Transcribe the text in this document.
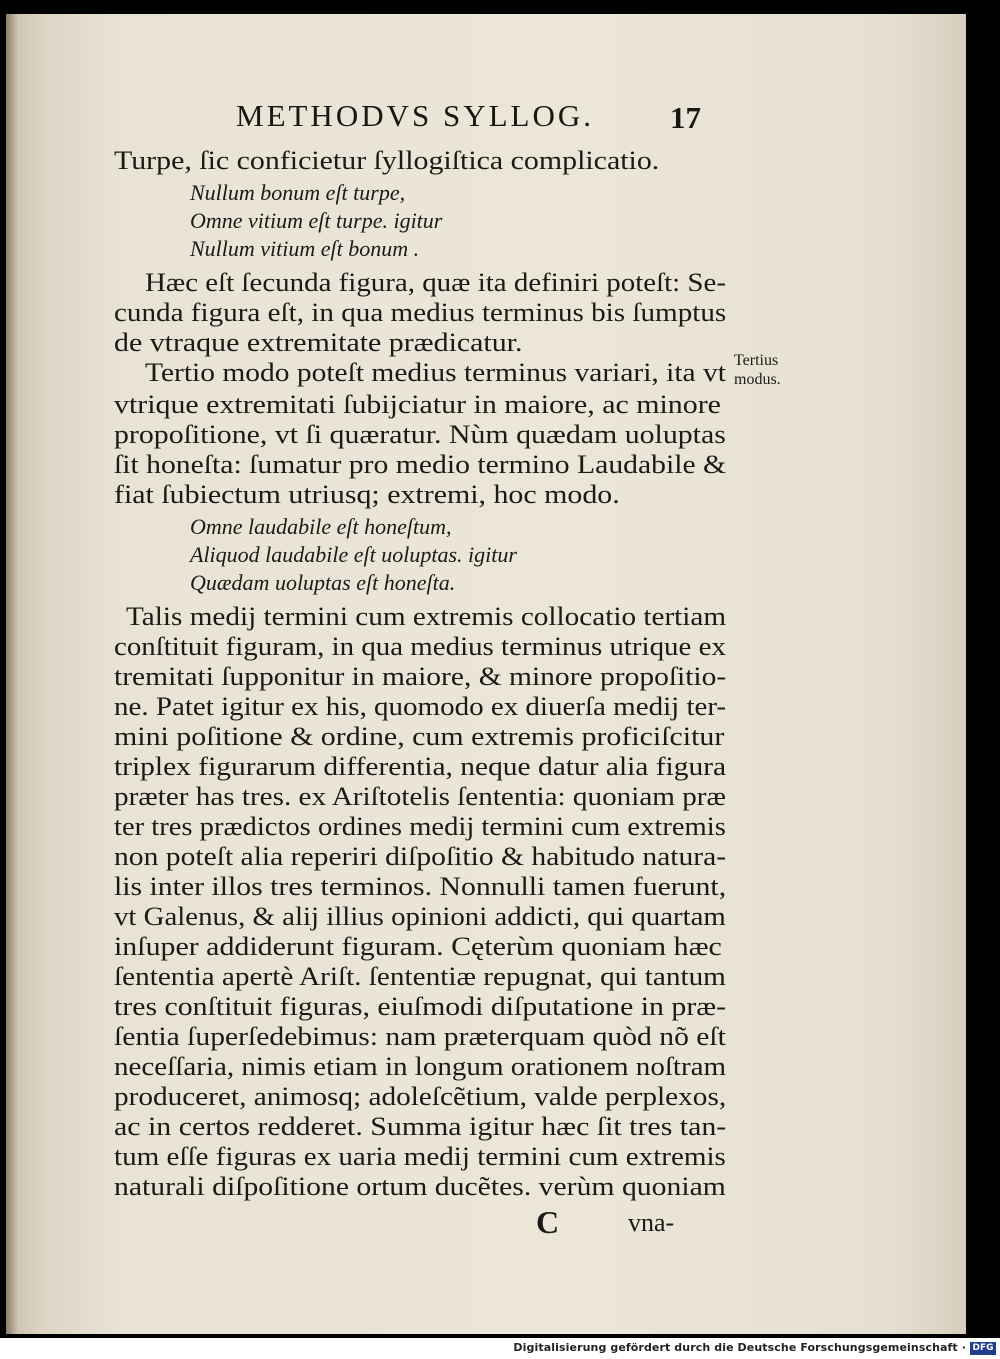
METHODVS SYLLOG. 17
Turpe, ſic conficietur ſyllogiſtica complicatio.
Nullum bonum eſt turpe,
Omne vitium eſt turpe. igitur
Nullum vitium eſt bonum .
Hæc eſt ſecunda figura, quæ ita definiri poteſt: Se-
cunda figura eſt, in qua medius terminus bis ſumptus
de vtraque extremitate prædicatur.
Tertio modo poteſt medius terminus variari, ita vt
vtrique extremitati ſubijciatur in maiore, ac minore
propoſitione, vt ſi quæratur. Nùm quædam uoluptas
ſit honeſta: ſumatur pro medio termino Laudabile &
fiat ſubiectum utriusq; extremi, hoc modo.
Tertius
modus.
Omne laudabile eſt honeſtum,
Aliquod laudabile eſt uoluptas. igitur
Quædam uoluptas eſt honeſta.
Talis medij termini cum extremis collocatio tertiam
conſtituit figuram, in qua medius terminus utrique ex
tremitati ſupponitur in maiore, & minore propoſitio-
ne. Patet igitur ex his, quomodo ex diuerſa medij ter-
mini poſitione & ordine, cum extremis proficiſcitur
triplex figurarum differentia, neque datur alia figura
præter has tres. ex Ariſtotelis ſententia: quoniam præ
ter tres prædictos ordines medij termini cum extremis
non poteſt alia reperiri diſpoſitio & habitudo natura-
lis inter illos tres terminos. Nonnulli tamen fuerunt,
vt Galenus, & alij illius opinioni addicti, qui quartam
inſuper addiderunt figuram. Cęterùm quoniam hæc
ſententia apertè Ariſt. ſententiæ repugnat, qui tantum
tres conſtituit figuras, eiuſmodi diſputatione in præ-
ſentia ſuperſedebimus: nam præterquam quòd nõ eſt
neceſſaria, nimis etiam in longum orationem noſtram
produceret, animosq; adoleſcẽtium, valde perplexos,
ac in certos redderet. Summa igitur hæc ſit tres tan-
tum eſſe figuras ex uaria medij termini cum extremis
naturali diſpoſitione ortum ducẽtes. verùm quoniam
C	vna-
Digitalisierung gefördert durch die Deutsche Forschungsgemeinschaft · DFG
